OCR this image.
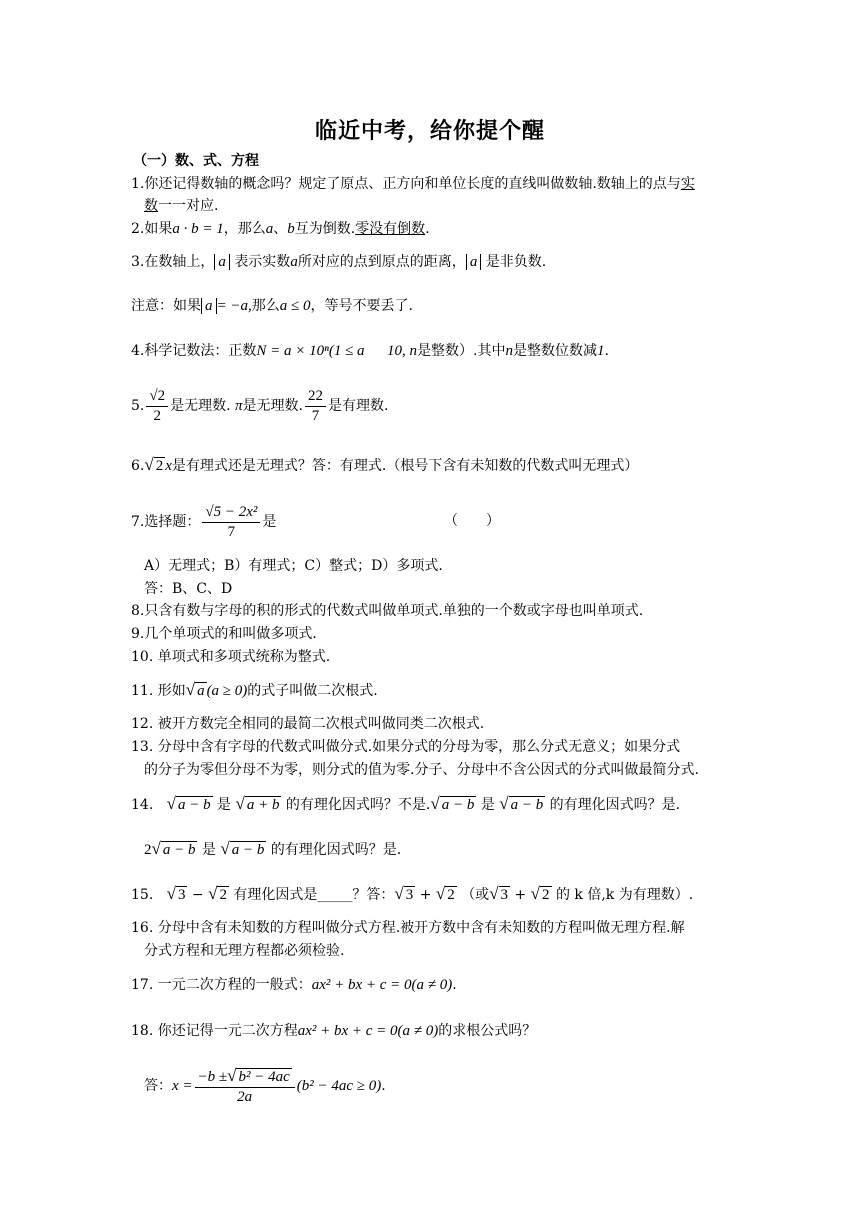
临近中考，给你提个醒
（一）数、式、方程
1.你还记得数轴的概念吗？规定了原点、正方向和单位长度的直线叫做数轴.数轴上的点与实
数一一对应.
2.如果a · b = 1，那么a、b互为倒数.零没有倒数.
3.在数轴上， a 表示实数a所对应的点到原点的距离， a 是非负数.
注意：如果 a = −a,那么a ≤ 0，等号不要丢了.
4.科学记数法：正数N = a × 10ⁿ(1 ≤ a      10, n是整数）.其中n是整数位数减1.
5. $\frac{√2}{2}$ 是无理数. π是无理数. $\frac{22}{7}$ 是有理数.
6.√ 2 x是有理式还是无理式？答：有理式.（根号下含有未知数的代数式叫无理式）
7.选择题： $\frac{\text{√5 − 2x²}}{7}$ 是	（　　）
A）无理式；B）有理式；C）整式；D）多项式.
答：B、C、D
8.只含有数与字母的积的形式的代数式叫做单项式.单独的一个数或字母也叫单项式.
9.几个单项式的和叫做多项式.
10. 单项式和多项式统称为整式.
11. 形如√ a (a ≥ 0)的式子叫做二次根式.
12. 被开方数完全相同的最简二次根式叫做同类二次根式.
13. 分母中含有字母的代数式叫做分式.如果分式的分母为零，那么分式无意义；如果分式
的分子为零但分母不为零，则分式的值为零.分子、分母中不含公因式的分式叫做最简分式.
14. √ a − b 是 √ a + b 的有理化因式吗？不是.√ a − b 是 √ a − b 的有理化因式吗？是.
2√ a − b 是 √ a − b 的有理化因式吗？是.
15. √ 3 − √ 2 有理化因式是_____？答：√ 3 + √ 2 （或√ 3 + √ 2 的 k 倍,k 为有理数）.
16. 分母中含有未知数的方程叫做分式方程.被开方数中含有未知数的方程叫做无理方程.解
分式方程和无理方程都必须检验.
17. 一元二次方程的一般式：ax² + bx + c = 0(a ≠ 0).
18. 你还记得一元二次方程ax² + bx + c = 0(a ≠ 0)的求根公式吗？
答：$x = \frac{\text{−b ±√ b² − 4ac}}{2a} (b^2 - 4ac \ge 0)$.
